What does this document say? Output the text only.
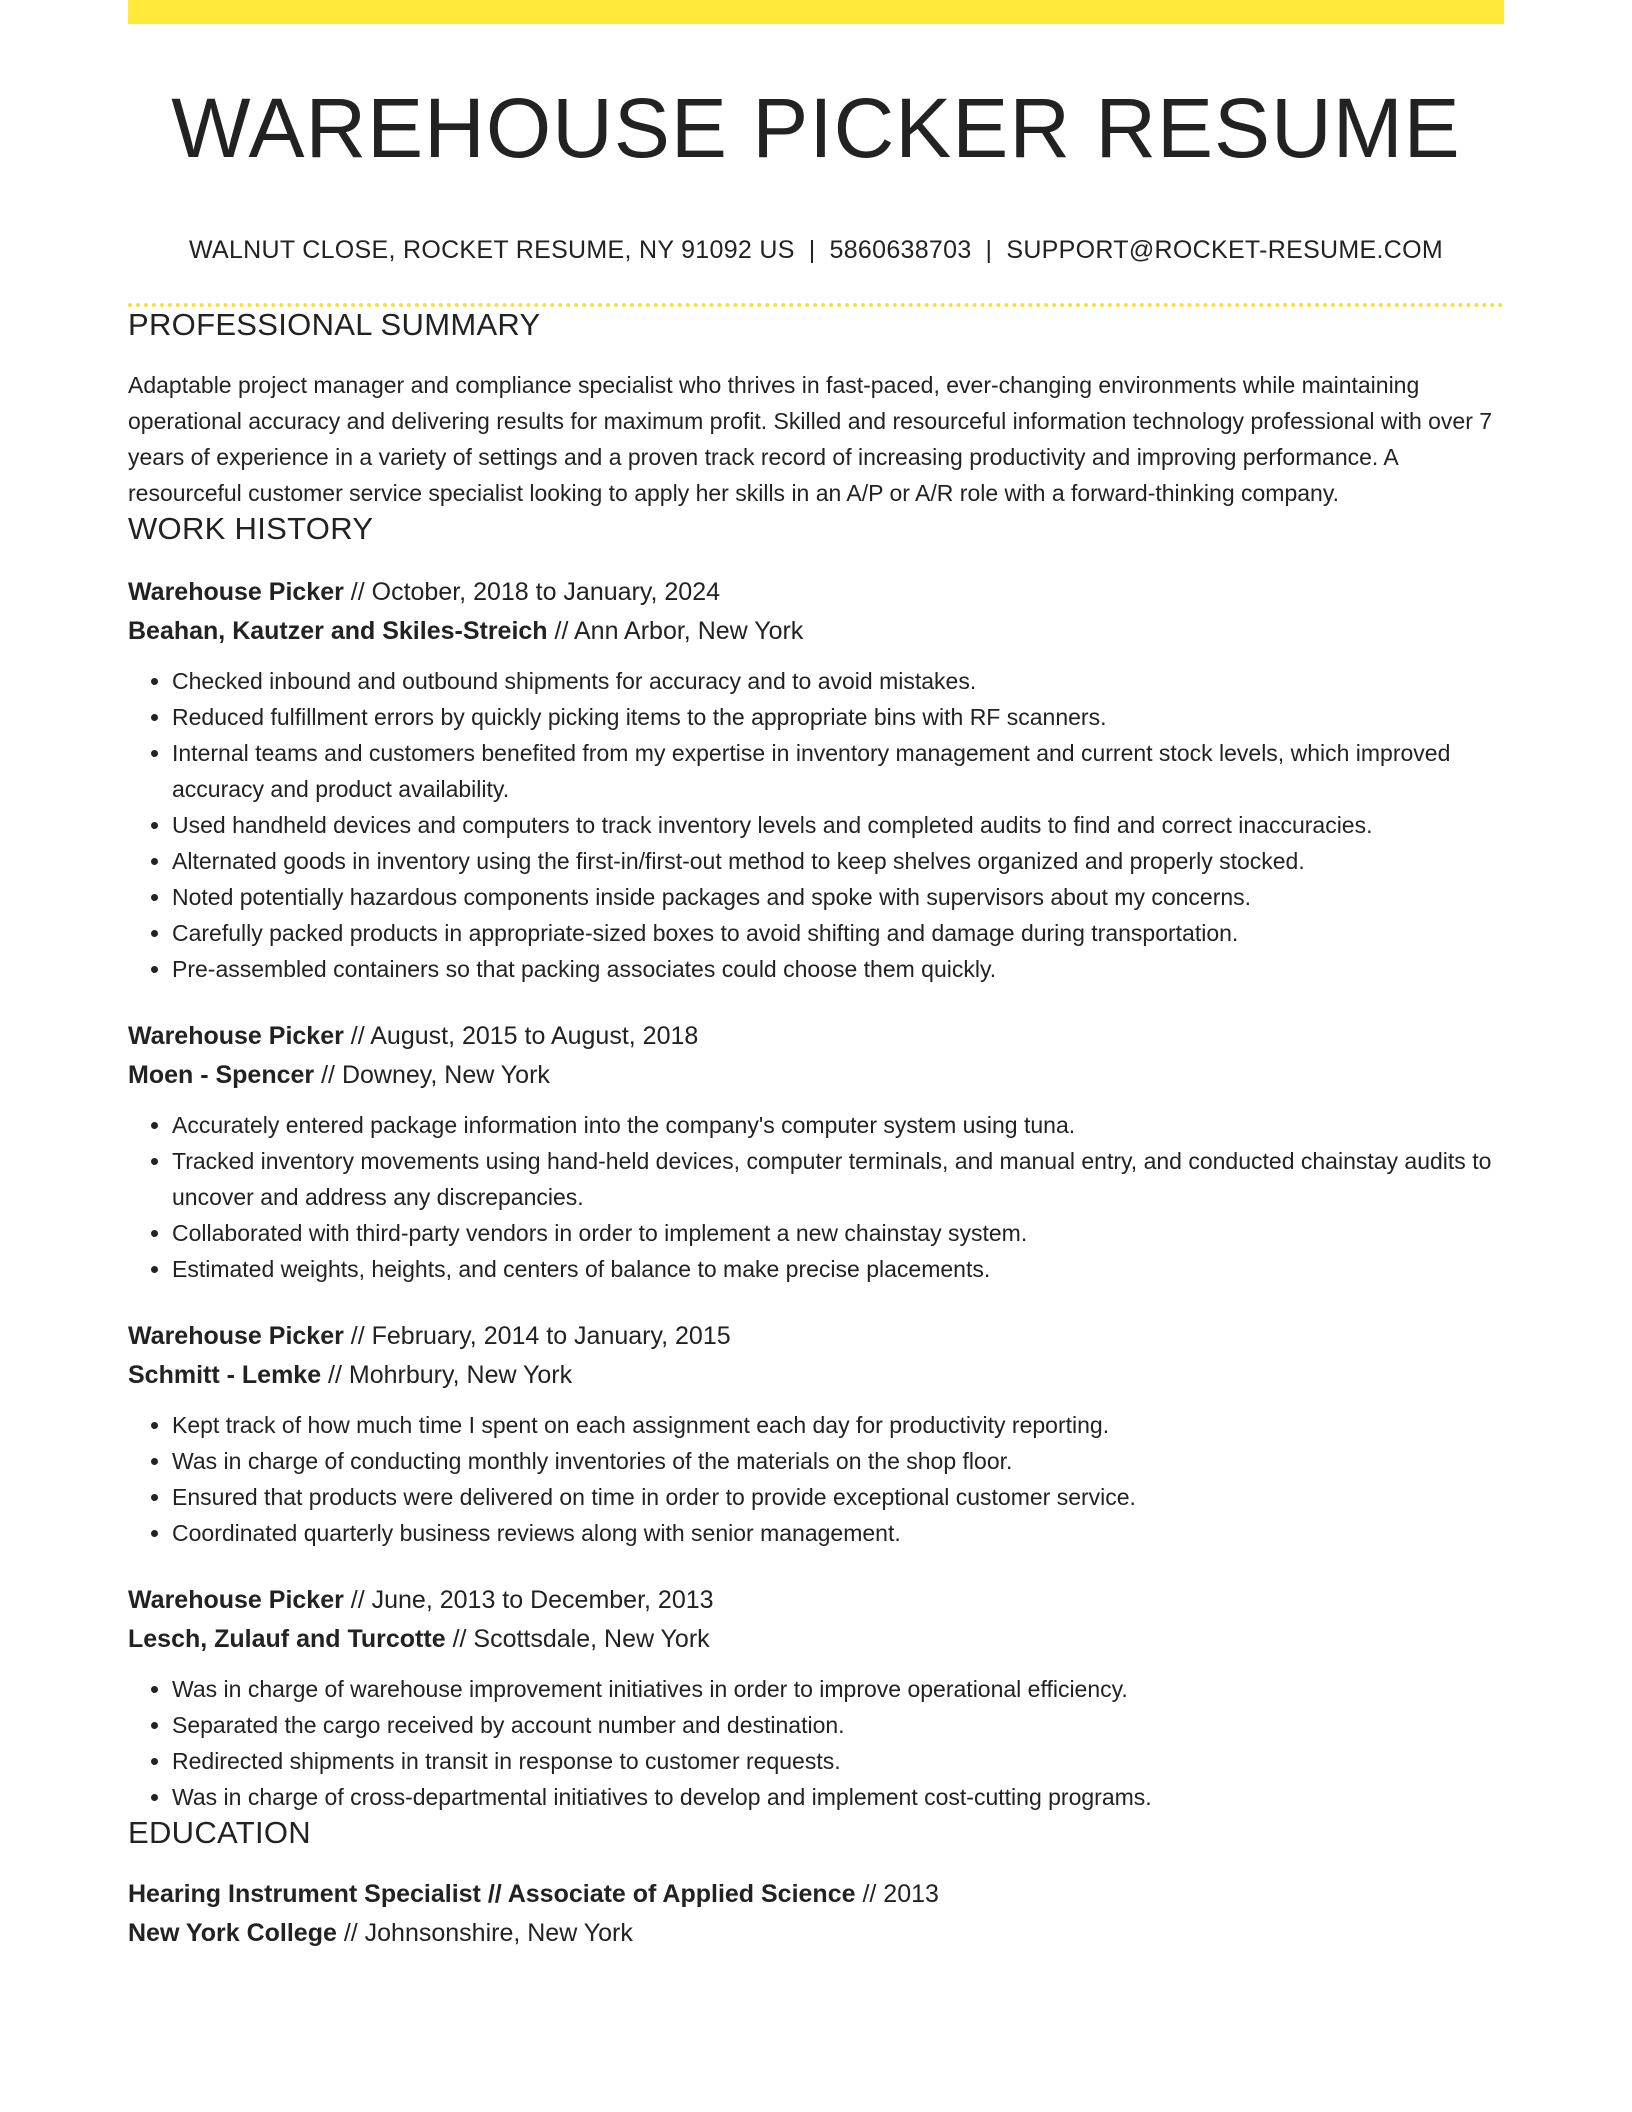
WAREHOUSE PICKER RESUME
WALNUT CLOSE, ROCKET RESUME, NY 91092 US | 5860638703 | SUPPORT@ROCKET-RESUME.COM
PROFESSIONAL SUMMARY
Adaptable project manager and compliance specialist who thrives in fast-paced, ever-changing environments while maintaining operational accuracy and delivering results for maximum profit. Skilled and resourceful information technology professional with over 7 years of experience in a variety of settings and a proven track record of increasing productivity and improving performance. A resourceful customer service specialist looking to apply her skills in an A/P or A/R role with a forward-thinking company.
WORK HISTORY
Warehouse Picker // October, 2018 to January, 2024
Beahan, Kautzer and Skiles-Streich // Ann Arbor, New York
• Checked inbound and outbound shipments for accuracy and to avoid mistakes.
• Reduced fulfillment errors by quickly picking items to the appropriate bins with RF scanners.
• Internal teams and customers benefited from my expertise in inventory management and current stock levels, which improved accuracy and product availability.
• Used handheld devices and computers to track inventory levels and completed audits to find and correct inaccuracies.
• Alternated goods in inventory using the first-in/first-out method to keep shelves organized and properly stocked.
• Noted potentially hazardous components inside packages and spoke with supervisors about my concerns.
• Carefully packed products in appropriate-sized boxes to avoid shifting and damage during transportation.
• Pre-assembled containers so that packing associates could choose them quickly.
Warehouse Picker // August, 2015 to August, 2018
Moen - Spencer // Downey, New York
• Accurately entered package information into the company's computer system using tuna.
• Tracked inventory movements using hand-held devices, computer terminals, and manual entry, and conducted chainstay audits to uncover and address any discrepancies.
• Collaborated with third-party vendors in order to implement a new chainstay system.
• Estimated weights, heights, and centers of balance to make precise placements.
Warehouse Picker // February, 2014 to January, 2015
Schmitt - Lemke // Mohrbury, New York
• Kept track of how much time I spent on each assignment each day for productivity reporting.
• Was in charge of conducting monthly inventories of the materials on the shop floor.
• Ensured that products were delivered on time in order to provide exceptional customer service.
• Coordinated quarterly business reviews along with senior management.
Warehouse Picker // June, 2013 to December, 2013
Lesch, Zulauf and Turcotte // Scottsdale, New York
• Was in charge of warehouse improvement initiatives in order to improve operational efficiency.
• Separated the cargo received by account number and destination.
• Redirected shipments in transit in response to customer requests.
• Was in charge of cross-departmental initiatives to develop and implement cost-cutting programs.
EDUCATION
Hearing Instrument Specialist // Associate of Applied Science // 2013
New York College // Johnsonshire, New York
